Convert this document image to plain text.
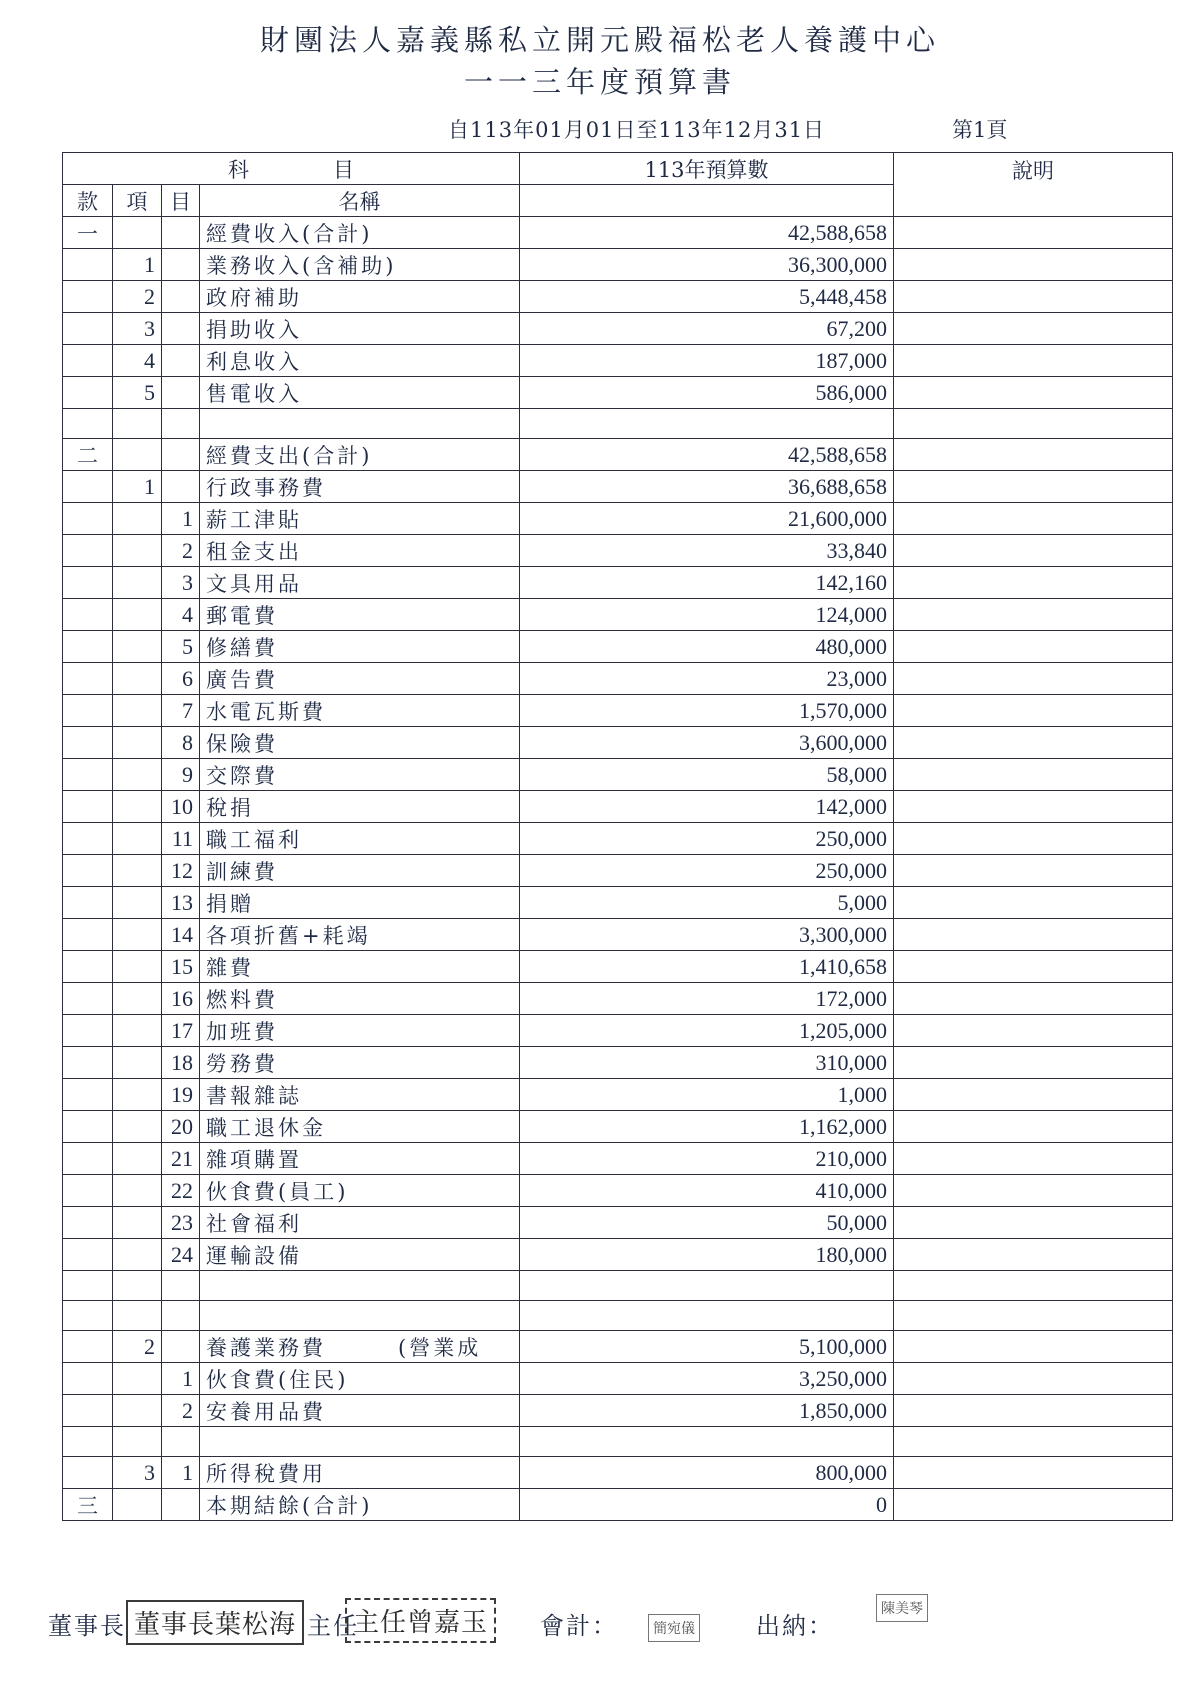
財團法人嘉義縣私立開元殿福松老人養護中心
一一三年度預算書
自113年01月01日至113年12月31日	第1頁
科　　　　目				113年預算數	說明
款	項	目	名稱		
一			經費收入(合計)	42,588,658	
	1		業務收入(含補助)	36,300,000	
	2		政府補助	5,448,458	
	3		捐助收入	67,200	
	4		利息收入	187,000	
	5		售電收入	586,000	

二			經費支出(合計)	42,588,658	
	1		行政事務費	36,688,658	
		1	薪工津貼	21,600,000	
		2	租金支出	33,840	
		3	文具用品	142,160	
		4	郵電費	124,000	
		5	修繕費	480,000	
		6	廣告費	23,000	
		7	水電瓦斯費	1,570,000	
		8	保險費	3,600,000	
		9	交際費	58,000	
		10	稅捐	142,000	
		11	職工福利	250,000	
		12	訓練費	250,000	
		13	捐贈	5,000	
		14	各項折舊+耗竭	3,300,000	
		15	雜費	1,410,658	
		16	燃料費	172,000	
		17	加班費	1,205,000	
		18	勞務費	310,000	
		19	書報雜誌	1,000	
		20	職工退休金	1,162,000	
		21	雜項購置	210,000	
		22	伙食費(員工)	410,000	
		23	社會福利	50,000	
		24	運輸設備	180,000	

	2		養護業務費　　　(營業成	5,100,000	
		1	伙食費(住民)	3,250,000	
		2	安養用品費	1,850,000	

	3	1	所得稅費用	800,000	
三			本期結餘(合計)	0	
董事長 董事長葉松海 主任
主任曾嘉玉	會計：	簡宛儀	出納：
陳美琴
